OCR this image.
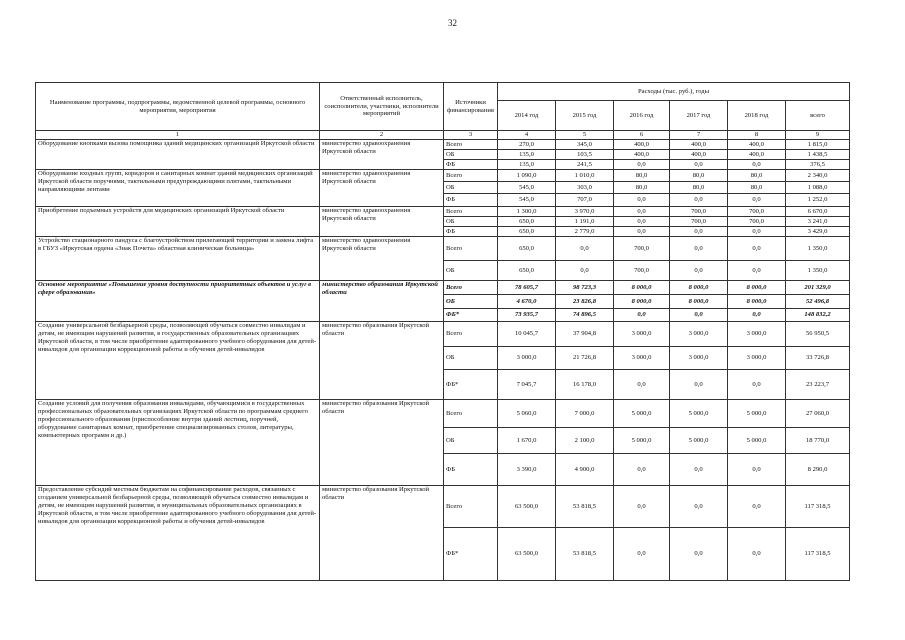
32
Наименование программы, подпрограммы, ведомственной целевой программы, основного мероприятия, мероприятия	Ответственный исполнитель, соисполнители, участники, исполнители мероприятий	Источники финансирования	Расходы (тыс. руб.), годы					
			2014 год	2015 год	2016 год	2017 год	2018 год	всего
1	2	3	4	5	6	7	8	9
Оборудование кнопками вызова помощника зданий медицинских организаций Иркутской области	министерство здравоохранения Иркутской области	Всего	270,0	345,0	400,0	400,0	400,0	1 815,0
		ОБ	135,0	103,5	400,0	400,0	400,0	1 438,5
		ФБ	135,0	241,5	0,0	0,0	0,0	376,5
Оборудование входных групп, коридоров и санитарных комнат зданий медицинских организаций Иркутской области поручнями, тактильными предупреждающими плитами, тактильными направляющими лентами	министерство здравоохранения Иркутской области	Всего	1 090,0	1 010,0	80,0	80,0	80,0	2 340,0
		ОБ	545,0	303,0	80,0	80,0	80,0	1 088,0
		ФБ	545,0	707,0	0,0	0,0	0,0	1 252,0
Приобретение подъемных устройств для медицинских организаций Иркутской области	министерство здравоохранения Иркутской области	Всего	1 300,0	3 970,0	0,0	700,0	700,0	6 670,0
		ОБ	650,0	1 191,0	0,0	700,0	700,0	3 241,0
		ФБ	650,0	2 779,0	0,0	0,0	0,0	3 429,0
Устройство стационарного пандуса с благоустройством прилегающей территории и замена лифта в ГБУЗ «Иркутская ордена «Знак Почета» областная клиническая больница»	министерство здравоохранения Иркутской области	Всего	650,0	0,0	700,0	0,0	0,0	1 350,0
		ОБ	650,0	0,0	700,0	0,0	0,0	1 350,0
Основное мероприятие «Повышение уровня доступности приоритетных объектов и услуг в сфере образования»	министерство образования Иркутской области	Всего	78 605,7	98 723,3	8 000,0	8 000,0	8 000,0	201 329,0
		ОБ	4 670,0	23 826,8	8 000,0	8 000,0	8 000,0	52 496,8
		ФБ*	73 935,7	74 896,5	0,0	0,0	0,0	148 832,2
Создание универсальной безбарьерной среды, позволяющей обучаться совместно инвалидам и детям, не имеющим нарушений развития, в государственных образовательных организациях Иркутской области, в том числе приобретение адаптированного учебного оборудования для детей-инвалидов для организации коррекционной работы и обучения детей-инвалидов	министерство образования Иркутской области	Всего	10 045,7	37 904,8	3 000,0	3 000,0	3 000,0	56 950,5
		ОБ	3 000,0	21 726,8	3 000,0	3 000,0	3 000,0	33 726,8
		ФБ*	7 045,7	16 178,0	0,0	0,0	0,0	23 223,7
Создание условий для получения образования инвалидами, обучающимися в государственных профессиональных образовательных организациях Иркутской области по программам среднего профессионального образования (приспособление внутри зданий лестниц, поручней, оборудование санитарных комнат, приобретение специализированных столов, литературы, компьютерных программ и др.)	министерство образования Иркутской области	Всего	5 060,0	7 000,0	5 000,0	5 000,0	5 000,0	27 060,0
		ОБ	1 670,0	2 100,0	5 000,0	5 000,0	5 000,0	18 770,0
		ФБ	3 390,0	4 900,0	0,0	0,0	0,0	8 290,0
Предоставление субсидий местным бюджетам на софинансирование расходов, связанных с созданием универсальной безбарьерной среды, позволяющей обучаться совместно инвалидам и детям, не имеющим нарушений развития, в муниципальных образовательных организациях в Иркутской области, в том числе приобретение адаптированного учебного оборудования для детей-инвалидов для организации коррекционной работы и обучения детей-инвалидов	министерство образования Иркутской области	Всего	63 500,0	53 818,5	0,0	0,0	0,0	117 318,5
		ФБ*	63 500,0	53 818,5	0,0	0,0	0,0	117 318,5
